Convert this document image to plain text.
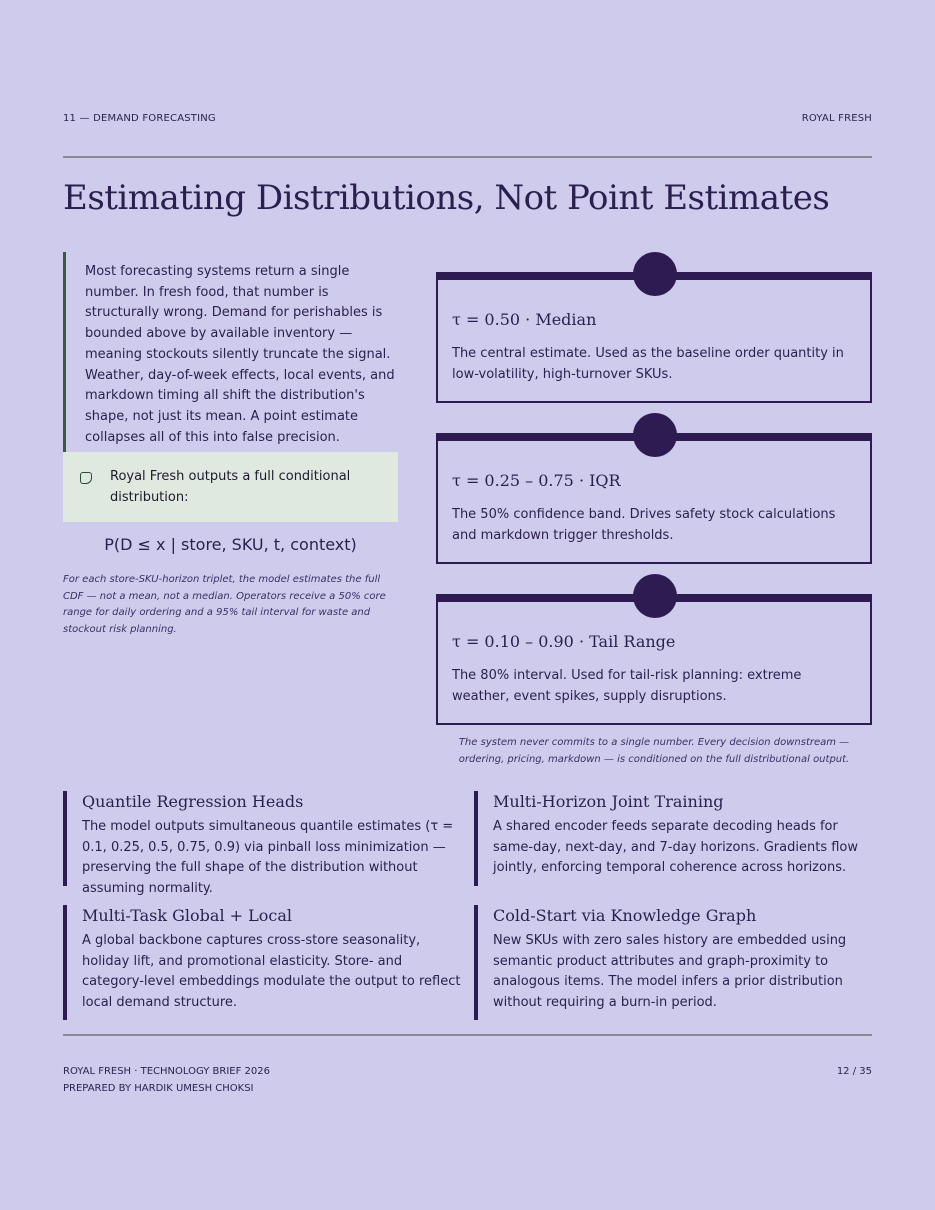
11 — DEMAND FORECASTING	ROYAL FRESH
Estimating Distributions, Not Point Estimates
Most forecasting systems return a single number. In fresh food, that number is structurally wrong. Demand for perishables is bounded above by available inventory — meaning stockouts silently truncate the signal. Weather, day-of-week effects, local events, and markdown timing all shift the distribution's shape, not just its mean. A point estimate collapses all of this into false precision.
Royal Fresh outputs a full conditional distribution:
P(D ≤ x | store, SKU, t, context)
For each store-SKU-horizon triplet, the model estimates the full CDF — not a mean, not a median. Operators receive a 50% core range for daily ordering and a 95% tail interval for waste and stockout risk planning.
τ = 0.50 · Median
The central estimate. Used as the baseline order quantity in low-volatility, high-turnover SKUs.
τ = 0.25 – 0.75 · IQR
The 50% confidence band. Drives safety stock calculations and markdown trigger thresholds.
τ = 0.10 – 0.90 · Tail Range
The 80% interval. Used for tail-risk planning: extreme weather, event spikes, supply disruptions.
The system never commits to a single number. Every decision downstream — ordering, pricing, markdown — is conditioned on the full distributional output.
Quantile Regression Heads
The model outputs simultaneous quantile estimates (τ = 0.1, 0.25, 0.5, 0.75, 0.9) via pinball loss minimization — preserving the full shape of the distribution without assuming normality.
Multi-Horizon Joint Training
A shared encoder feeds separate decoding heads for same-day, next-day, and 7-day horizons. Gradients flow jointly, enforcing temporal coherence across horizons.
Multi-Task Global + Local
A global backbone captures cross-store seasonality, holiday lift, and promotional elasticity. Store- and category-level embeddings modulate the output to reflect local demand structure.
Cold-Start via Knowledge Graph
New SKUs with zero sales history are embedded using semantic product attributes and graph-proximity to analogous items. The model infers a prior distribution without requiring a burn-in period.
ROYAL FRESH · TECHNOLOGY BRIEF 2026
PREPARED BY HARDIK UMESH CHOKSI
12 / 35
